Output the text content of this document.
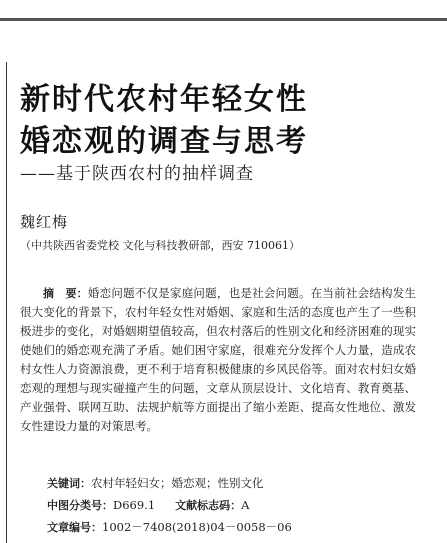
新时代农村年轻女性
婚恋观的调查与思考
——基于陕西农村的抽样调查
魏红梅
（中共陕西省委党校 文化与科技教研部，西安 710061）
摘　要：婚恋问题不仅是家庭问题，也是社会问题。在当前社会结构发生很大变化的背景下，农村年轻女性对婚姻、家庭和生活的态度也产生了一些积极进步的变化，对婚姻期望值较高，但农村落后的性别文化和经济困难的现实使她们的婚恋观充满了矛盾。她们困守家庭，很难充分发挥个人力量，造成农村女性人力资源浪费，更不利于培育积极健康的乡风民俗等。面对农村妇女婚恋观的理想与现实碰撞产生的问题，文章从顶层设计、文化培育、教育奠基、产业强骨、联网互助、法规护航等方面提出了缩小差距、提高女性地位、激发女性建设力量的对策思考。
关键词：农村年轻妇女；婚恋观；性别文化
中图分类号：D669.1 文献标志码：A
文章编号：1002－7408(2018)04－0058－06
